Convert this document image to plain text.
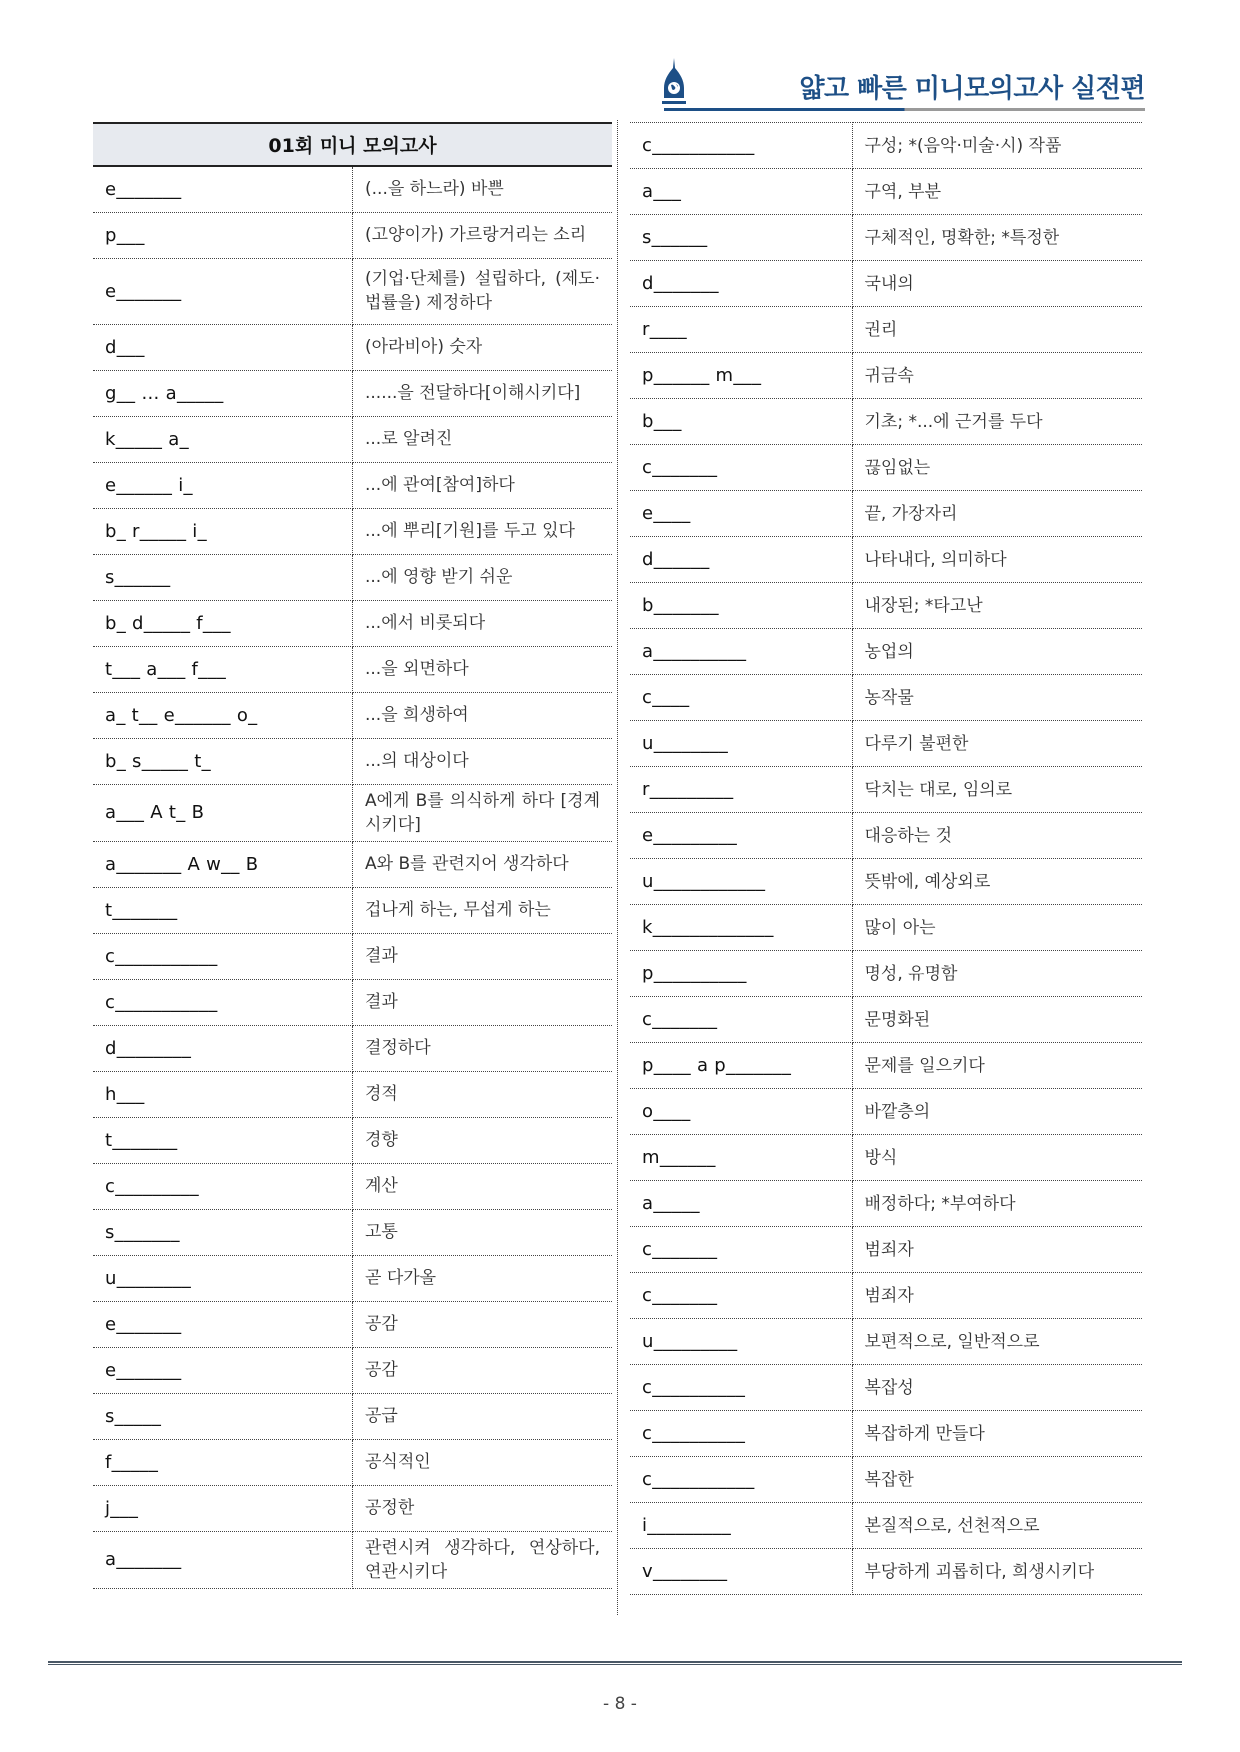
얇고 빠른 미니모의고사 실전편
01회 미니 모의고사	
e_______	(...을 하느라) 바쁜
p___	(고양이가) 가르랑거리는 소리
e_______	(기업·단체를) 설립하다, (제도·법률을) 제정하다
d___	(아라비아) 숫자
g__ … a_____	......을 전달하다[이해시키다]
k_____ a_	...로 알려진
e______ i_	...에 관여[참여]하다
b_ r_____ i_	...에 뿌리[기원]를 두고 있다
s______	...에 영향 받기 쉬운
b_ d_____ f___	...에서 비롯되다
t___ a___ f___	...을 외면하다
a_ t__ e______ o_	...을 희생하여
b_ s_____ t_	...의 대상이다
a___ A t_ B	A에게 B를 의식하게 하다 [경계시키다]
a_______ A w__ B	A와 B를 관련지어 생각하다
t_______	겁나게 하는, 무섭게 하는
c___________	결과
c___________	결과
d________	결정하다
h___	경적
t_______	경향
c_________	계산
s_______	고통
u________	곧 다가올
e_______	공감
e_______	공감
s_____	공급
f_____	공식적인
j___	공정한
a_______	관련시켜 생각하다, 연상하다, 연관시키다
c___________	구성; *(음악·미술·시) 작품
a___	구역, 부분
s______	구체적인, 명확한; *특정한
d_______	국내의
r____	권리
p______ m___	귀금속
b___	기초; *...에 근거를 두다
c_______	끊임없는
e____	끝, 가장자리
d______	나타내다, 의미하다
b_______	내장된; *타고난
a__________	농업의
c____	농작물
u________	다루기 불편한
r_________	닥치는 대로, 임의로
e_________	대응하는 것
u____________	뜻밖에, 예상외로
k_____________	많이 아는
p__________	명성, 유명함
c_______	문명화된
p____ a p_______	문제를 일으키다
o____	바깥층의
m______	방식
a_____	배정하다; *부여하다
c_______	범죄자
c_______	범죄자
u_________	보편적으로, 일반적으로
c__________	복잡성
c__________	복잡하게 만들다
c___________	복잡한
i_________	본질적으로, 선천적으로
v________	부당하게 괴롭히다, 희생시키다
- 8 -
